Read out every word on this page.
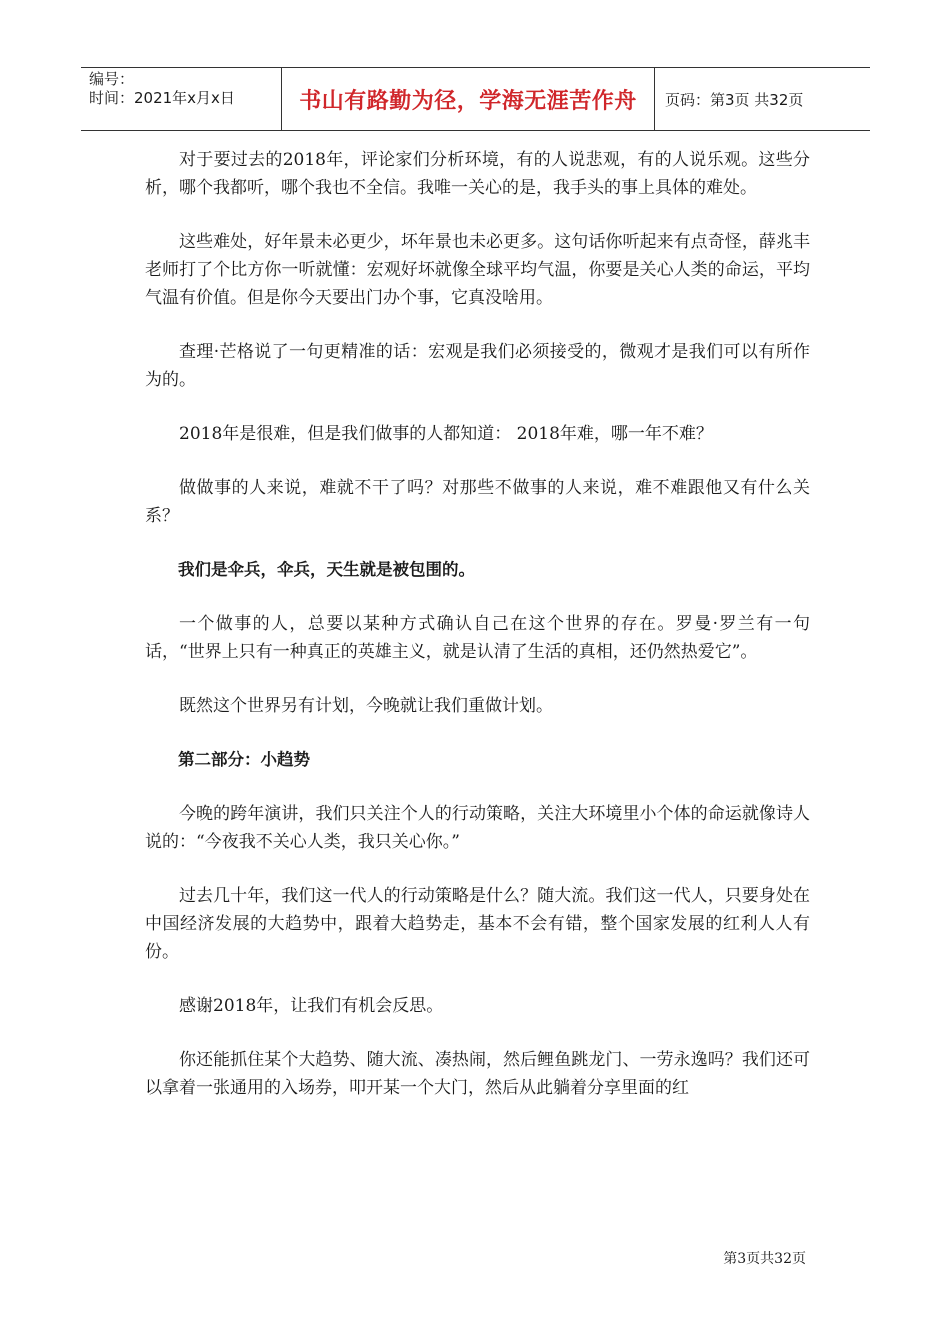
编号：
时间：2021年x月x日	书山有路勤为径，学海无涯苦作舟	页码：第3页 共32页

对于要过去的2018年，评论家们分析环境，有的人说悲观，有的人说乐观。这些分析，哪个我都听，哪个我也不全信。我唯一关心的是，我手头的事上具体的难处。

这些难处，好年景未必更少，坏年景也未必更多。这句话你听起来有点奇怪，薛兆丰老师打了个比方你一听就懂：宏观好坏就像全球平均气温，你要是关心人类的命运，平均气温有价值。但是你今天要出门办个事，它真没啥用。

查理·芒格说了一句更精准的话：宏观是我们必须接受的，微观才是我们可以有所作为的。

2018年是很难，但是我们做事的人都知道： 2018年难，哪一年不难？

做做事的人来说，难就不干了吗？对那些不做事的人来说，难不难跟他又有什么关系？

我们是伞兵，伞兵，天生就是被包围的。

一个做事的人，总要以某种方式确认自己在这个世界的存在。罗曼·罗兰有一句话，“世界上只有一种真正的英雄主义，就是认清了生活的真相，还仍然热爱它”。

既然这个世界另有计划，今晚就让我们重做计划。

第二部分：小趋势

今晚的跨年演讲，我们只关注个人的行动策略，关注大环境里小个体的命运就像诗人说的：“今夜我不关心人类，我只关心你。”

过去几十年，我们这一代人的行动策略是什么？随大流。我们这一代人，只要身处在中国经济发展的大趋势中，跟着大趋势走，基本不会有错，整个国家发展的红利人人有份。

感谢2018年，让我们有机会反思。

你还能抓住某个大趋势、随大流、凑热闹，然后鲤鱼跳龙门、一劳永逸吗？我们还可以拿着一张通用的入场券，叩开某一个大门，然后从此躺着分享里面的红

第3页共32页
